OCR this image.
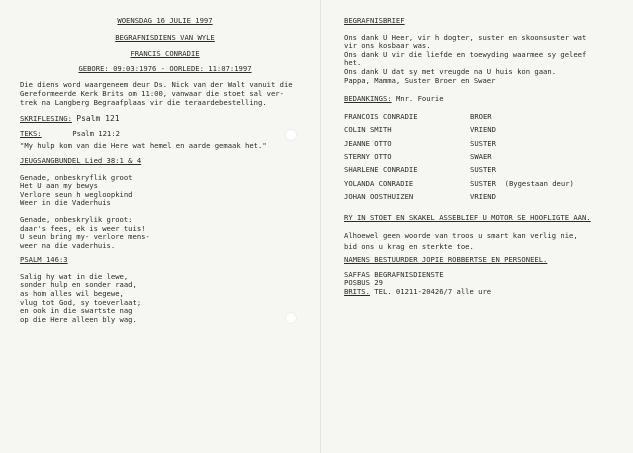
WOENSDAG 16 JULIE 1997
BEGRAFNISDIENS VAN WYLE
FRANCIS CONRADIE
GEBORE: 09:03:1976 - OORLEDE: 11:07:1997

Die diens word waargeneem deur Ds. Nick van der Walt vanuit die

Gereformeerde Kerk Brits om 11:00, vanwaar die stoet sal ver-

trek na Langberg Begraafplaas vir die teraardebestelling.

SKRIFLESING: Psalm 121
TEKS:	Psalm 121:2

"My hulp kom van die Here wat hemel en aarde gemaak het."

JEUGSANGBUNDEL Lied 38:1 & 4

Genade, onbeskryflik groot

Het U aan my bewys

Verlore seun h wegloopkind

Weer in die Vaderhuis

Genade, onbeskrylik groot:

daar's fees, ek is weer tuis!

U seun bring my- verlore mens-

weer na die vaderhuis.

PSALM 146:3

Salig hy wat in die lewe,

sonder hulp en sonder raad,

as hom alles wil begewe,

vlug tot God, sy toeverlaat;

en ook in die swartste nag

op die Here alleen bly wag.

BEGRAFNISBRIEF

Ons dank U Heer, vir h dogter, suster en skoonsuster wat

vir ons kosbaar was.

Ons dank U vir die liefde en toewyding waarmee sy geleef

het.

Ons dank U dat sy met vreugde na U huis kon gaan.

Pappa, Mamma, Suster Broer en Swaer

BEDANKINGS: Mnr. Fourie
FRANCOIS CONRADIE	BROER
COLIN SMITH	VRIEND
JEANNE OTTO	SUSTER
STERNY OTTO	SWAER
SHARLENE CONRADIE	SUSTER
YOLANDA CONRADIE	SUSTER  (Bygestaan deur)
JOHAN OOSTHUIZEN	VRIEND
RY IN STOET EN SKAKEL ASSEBLIEF U MOTOR SE HOOFLIGTE AAN.

Alhoewel geen woorde van troos u smart kan verlig nie,

bid ons u krag en sterkte toe.

NAMENS BESTUURDER JOPIE ROBBERTSE EN PERSONEEL.

SAFFAS BEGRAFNISDIENSTE

POSBUS 29

BRITS. TEL. 01211-20426/7 alle ure
